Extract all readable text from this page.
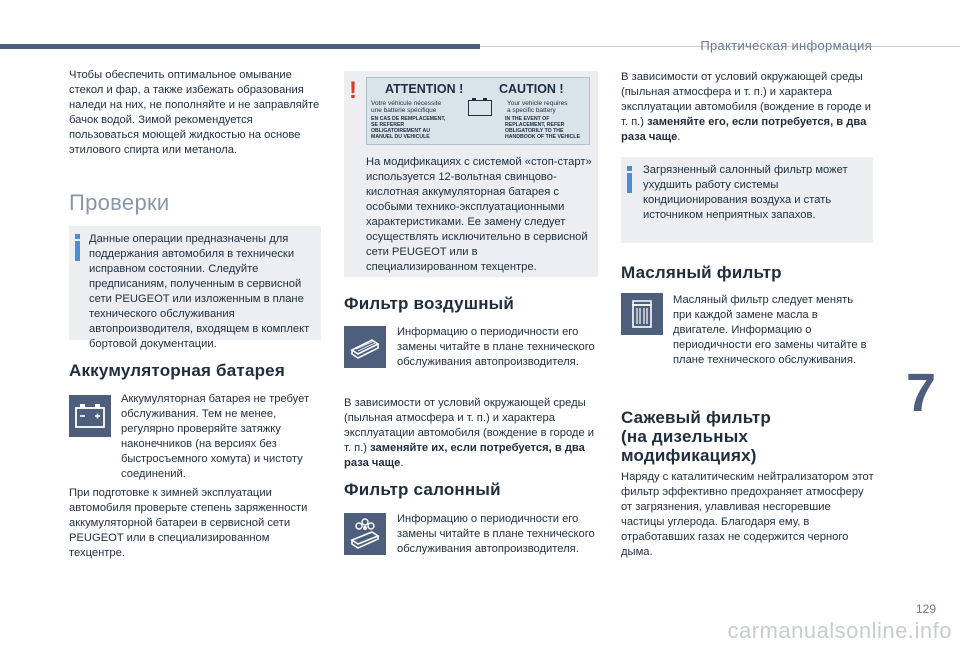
Практическая информация
7
129
carmanualsonline.info

Чтобы обеспечить оптимальное омывание стекол и фар, а также избежать образования наледи на них, не пополняйте и не заправляйте бачок водой. Зимой рекомендуется пользоваться моющей жидкостью на основе этилового спирта или метанола.

Проверки

Данные операции предназначены для поддержания автомобиля в технически исправном состоянии. Следуйте предписаниям, полученным в сервисной сети PEUGEOT или изложенным в плане технического обслуживания автопроизводителя, входящем в комплект бортовой документации.

Аккумуляторная батарея

Аккумуляторная батарея не требует обслуживания. Тем не менее, регулярно проверяйте затяжку наконечников (на версиях без быстросъемного хомута) и чистоту соединений.

При подготовке к зимней эксплуатации автомобиля проверьте степень заряженности аккумуляторной батареи в сервисной сети PEUGEOT или в специализированном техцентре.

! ATTENTION !	CAUTION !
Votre véhicule nécessite
une batterie spécifique
Your vehicle requires
a specific battery
EN CAS DE REMPLACEMENT,
SE REFERER
OBLIGATOIREMENT AU
MANUEL DU VEHICULE
IN THE EVENT OF
REPLACEMENT, REFER
OBLIGATORILY TO THE
HANDBOOK OF THE VEHICLE

На модификациях с системой «стоп-старт» используется 12-вольтная свинцово-кислотная аккумуляторная батарея с особыми технико-эксплуатационными характеристиками. Ее замену следует осуществлять исключительно в сервисной сети PEUGEOT или в специализированном техцентре.

Фильтр воздушный

Информацию о периодичности его замены читайте в плане технического обслуживания автопроизводителя.

В зависимости от условий окружающей среды (пыльная атмосфера и т. п.) и характера эксплуатации автомобиля (вождение в городе и т. п.) заменяйте их, если потребуется, в два раза чаще.

Фильтр салонный

Информацию о периодичности его замены читайте в плане технического обслуживания автопроизводителя.

В зависимости от условий окружающей среды (пыльная атмосфера и т. п.) и характера эксплуатации автомобиля (вождение в городе и т. п.) заменяйте его, если потребуется, в два раза чаще.

Загрязненный салонный фильтр может ухудшить работу системы кондиционирования воздуха и стать источником неприятных запахов.

Масляный фильтр

Масляный фильтр следует менять при каждой замене масла в двигателе. Информацию о периодичности его замены читайте в плане технического обслуживания.

Сажевый фильтр
(на дизельных
модификациях)

Наряду с каталитическим нейтрализатором этот фильтр эффективно предохраняет атмосферу от загрязнения, улавливая несгоревшие частицы углерода. Благодаря ему, в отработавших газах не содержится черного дыма.
